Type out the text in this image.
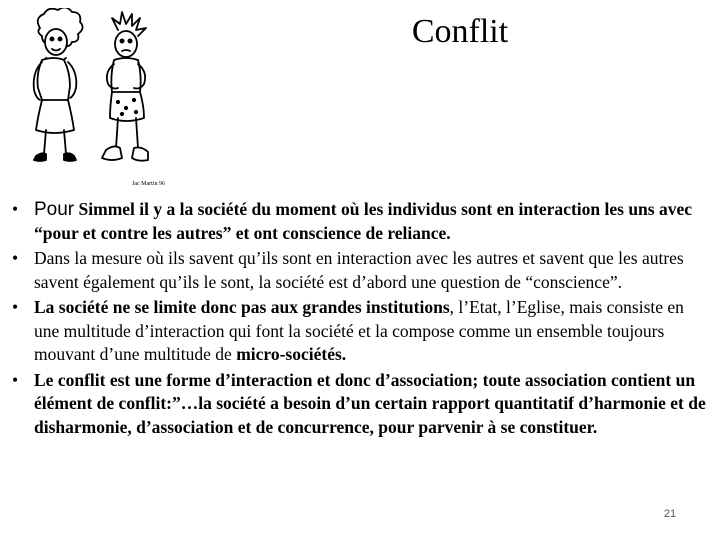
Jac Martin 96
Conflit
• Pour Simmel il y a la société du moment où les individus sont en interaction les uns avec “pour et contre les autres” et ont conscience de reliance.
• Dans la mesure où ils savent qu’ils sont en interaction avec les autres et savent que les autres savent également qu’ils le sont, la société est d’abord une question de “conscience”.
• La société ne se limite donc pas aux grandes institutions, l’Etat, l’Eglise, mais consiste en une multitude d’interaction qui font la société et la compose comme un ensemble toujours mouvant d’une multitude de micro-sociétés.
• Le conflit est une forme d’interaction et donc d’association; toute association contient un élément de conflit:”…la société a besoin d’un certain rapport quantitatif d’harmonie et de disharmonie, d’association et de concurrence, pour parvenir à se constituer.
21
